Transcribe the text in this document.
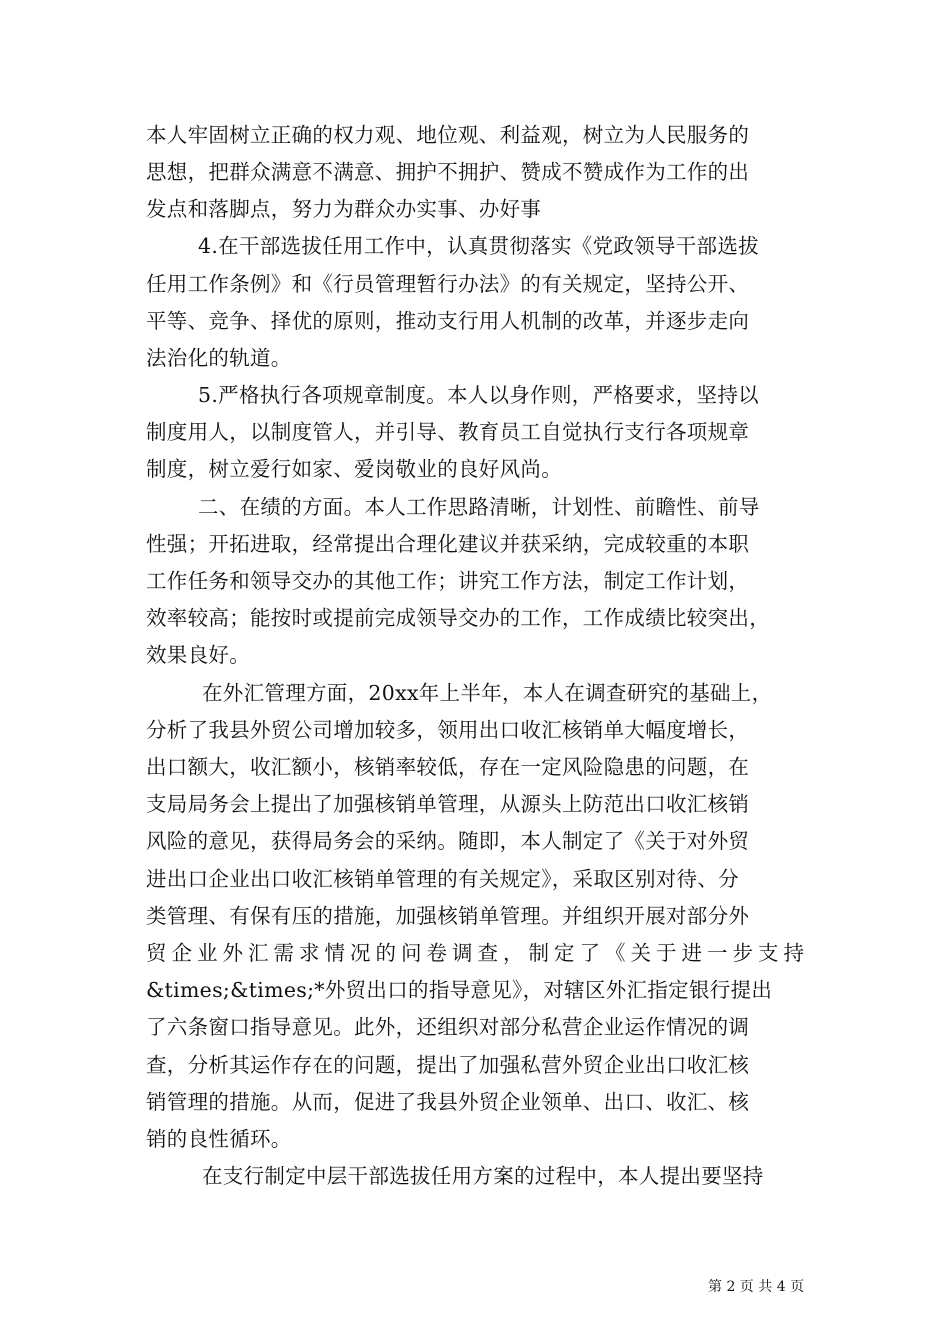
本人牢固树立正确的权力观、地位观、利益观，树立为人民服务的
思想，把群众满意不满意、拥护不拥护、赞成不赞成作为工作的出
发点和落脚点，努力为群众办实事、办好事
4.在干部选拔任用工作中，认真贯彻落实《党政领导干部选拔
任用工作条例》和《行员管理暂行办法》的有关规定，坚持公开、
平等、竞争、择优的原则，推动支行用人机制的改革，并逐步走向
法治化的轨道。
5.严格执行各项规章制度。本人以身作则，严格要求，坚持以
制度用人，以制度管人，并引导、教育员工自觉执行支行各项规章
制度，树立爱行如家、爱岗敬业的良好风尚。
二、在绩的方面。本人工作思路清晰，计划性、前瞻性、前导
性强；开拓进取，经常提出合理化建议并获采纳，完成较重的本职
工作任务和领导交办的其他工作；讲究工作方法，制定工作计划，
效率较高；能按时或提前完成领导交办的工作，工作成绩比较突出，
效果良好。
在外汇管理方面，20xx年上半年，本人在调查研究的基础上，
分析了我县外贸公司增加较多，领用出口收汇核销单大幅度增长，
出口额大，收汇额小，核销率较低，存在一定风险隐患的问题，在
支局局务会上提出了加强核销单管理，从源头上防范出口收汇核销
风险的意见，获得局务会的采纳。随即，本人制定了《关于对外贸
进出口企业出口收汇核销单管理的有关规定》，采取区别对待、分
类管理、有保有压的措施，加强核销单管理。并组织开展对部分外
贸企业外汇需求情况的问卷调查，制定了《关于进一步支持
&times;&times;*外贸出口的指导意见》，对辖区外汇指定银行提出
了六条窗口指导意见。此外，还组织对部分私营企业运作情况的调
查，分析其运作存在的问题，提出了加强私营外贸企业出口收汇核
销管理的措施。从而，促进了我县外贸企业领单、出口、收汇、核
销的良性循环。
在支行制定中层干部选拔任用方案的过程中，本人提出要坚持
第 2 页 共 4 页
